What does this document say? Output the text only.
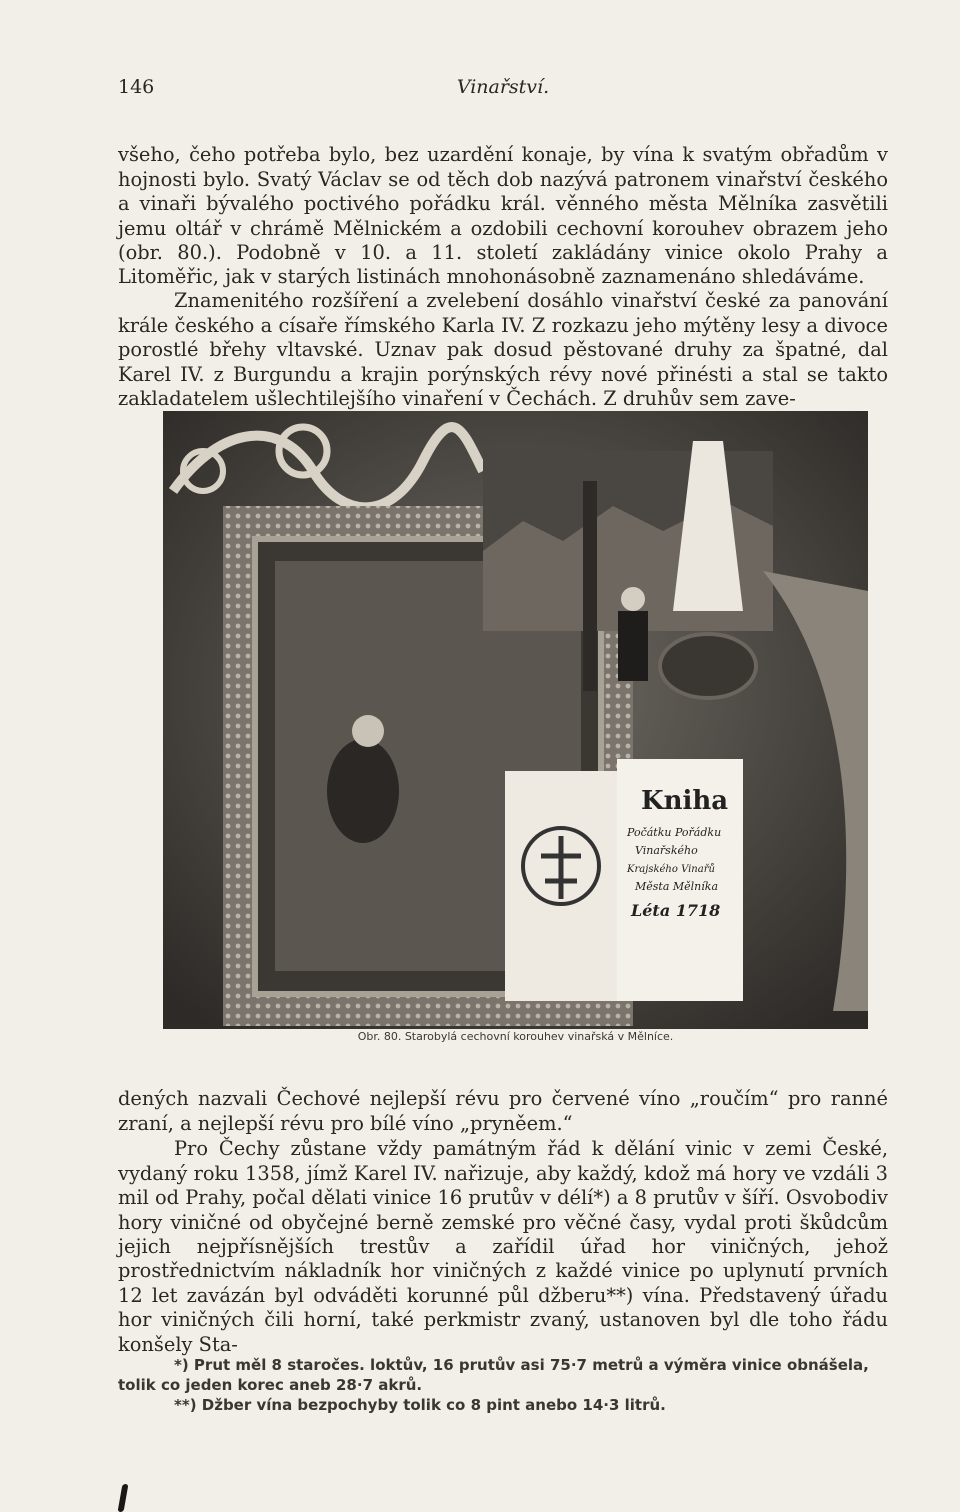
146	Vinařství.

všeho, čeho potřeba bylo, bez uzardění konaje, by vína k svatým obřadům v hojnosti bylo. Svatý Václav se od těch dob nazývá patronem vinařství českého a vinaři bývalého poctivého pořádku král. věnného města Mělníka zasvětili jemu oltář v chrámě Mělnickém a ozdobili cechovní korouhev obrazem jeho (obr. 80.). Podobně v 10. a 11. století zakládány vinice okolo Prahy a Litoměřic, jak v starých listinách mnohonásobně zaznamenáno shledáváme.

Znamenitého rozšíření a zvelebení dosáhlo vinařství české za panování krále českého a císaře římského Karla IV. Z rozkazu jeho mýtěny lesy a divoce porostlé břehy vltavské. Uznav pak dosud pěstované druhy za špatné, dal Karel IV. z Burgundu a krajin porýnských révy nové přinésti a stal se takto zakladatelem ušlechtilejšího vinaření v Čechách. Z druhův sem zave-

Kniha
Počátku Pořádku
Vinařského
Krajského Vinařů
Města Mělníka
Léta 1718
Obr. 80. Starobylá cechovní korouhev vinařská v Mělníce.

dených nazvali Čechové nejlepší révu pro červené víno „roučím“ pro ranné zraní, a nejlepší révu pro bílé víno „pryněem.“

Pro Čechy zůstane vždy památným řád k dělání vinic v zemi České, vydaný roku 1358, jímž Karel IV. nařizuje, aby každý, kdož má hory ve vzdáli 3 mil od Prahy, počal dělati vinice 16 prutův v délí*) a 8 prutův v šíří. Osvobodiv hory viničné od obyčejné berně zemské pro věčné časy, vydal proti škůdcům jejich nejpřísnějších trestův a zařídil úřad hor viničných, jehož prostřednictvím nákladník hor viničných z každé vinice po uplynutí prvních 12 let zavázán byl odváděti korunné půl džberu**) vína. Představený úřadu hor viničných čili horní, také perkmistr zvaný, ustanoven byl dle toho řádu konšely Sta-

*) Prut měl 8 staročes. loktův, 16 prutův asi 75·7 metrů a výměra vinice obnášela, tolik co jeden korec aneb 28·7 akrů.

**) Džber vína bezpochyby tolik co 8 pint anebo 14·3 litrů.
